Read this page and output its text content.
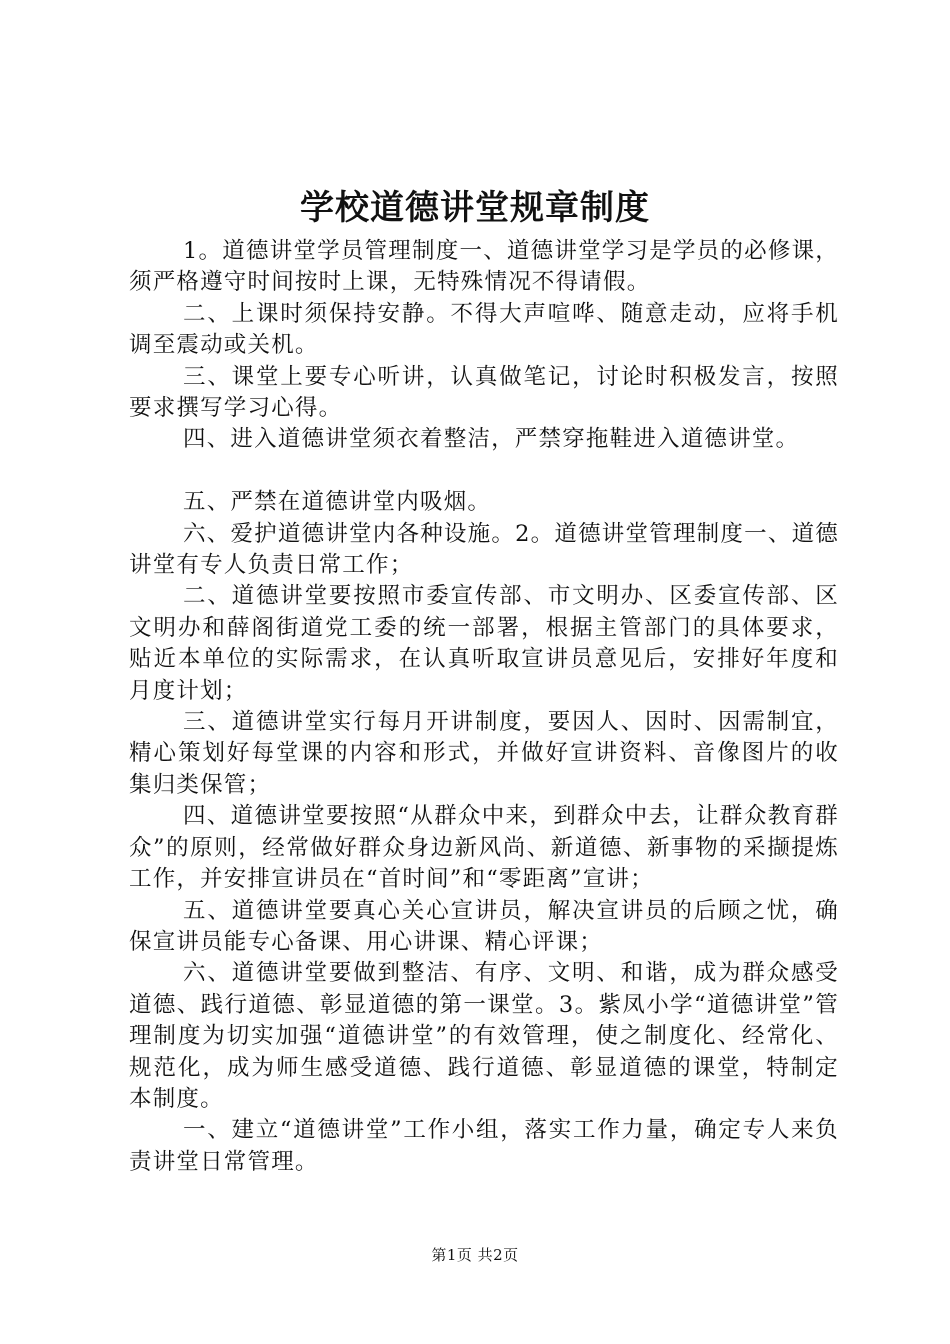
学校道德讲堂规章制度

1。道德讲堂学员管理制度一、道德讲堂学习是学员的必修课，须严格遵守时间按时上课，无特殊情况不得请假。

二、上课时须保持安静。不得大声喧哗、随意走动，应将手机调至震动或关机。

三、课堂上要专心听讲，认真做笔记，讨论时积极发言，按照要求撰写学习心得。

四、进入道德讲堂须衣着整洁，严禁穿拖鞋进入道德讲堂。

五、严禁在道德讲堂内吸烟。

六、爱护道德讲堂内各种设施。2。道德讲堂管理制度一、道德讲堂有专人负责日常工作；

二、道德讲堂要按照市委宣传部、市文明办、区委宣传部、区文明办和薛阁街道党工委的统一部署，根据主管部门的具体要求，贴近本单位的实际需求，在认真听取宣讲员意见后，安排好年度和月度计划；

三、道德讲堂实行每月开讲制度，要因人、因时、因需制宜，精心策划好每堂课的内容和形式，并做好宣讲资料、音像图片的收集归类保管；

四、道德讲堂要按照“从群众中来，到群众中去，让群众教育群众”的原则，经常做好群众身边新风尚、新道德、新事物的采撷提炼工作，并安排宣讲员在“首时间”和“零距离”宣讲；

五、道德讲堂要真心关心宣讲员，解决宣讲员的后顾之忧，确保宣讲员能专心备课、用心讲课、精心评课；

六、道德讲堂要做到整洁、有序、文明、和谐，成为群众感受道德、践行道德、彰显道德的第一课堂。3。紫凤小学“道德讲堂”管理制度为切实加强“道德讲堂”的有效管理，使之制度化、经常化、规范化，成为师生感受道德、践行道德、彰显道德的课堂，特制定本制度。

一、建立“道德讲堂”工作小组，落实工作力量，确定专人来负责讲堂日常管理。

第1页 共2页
